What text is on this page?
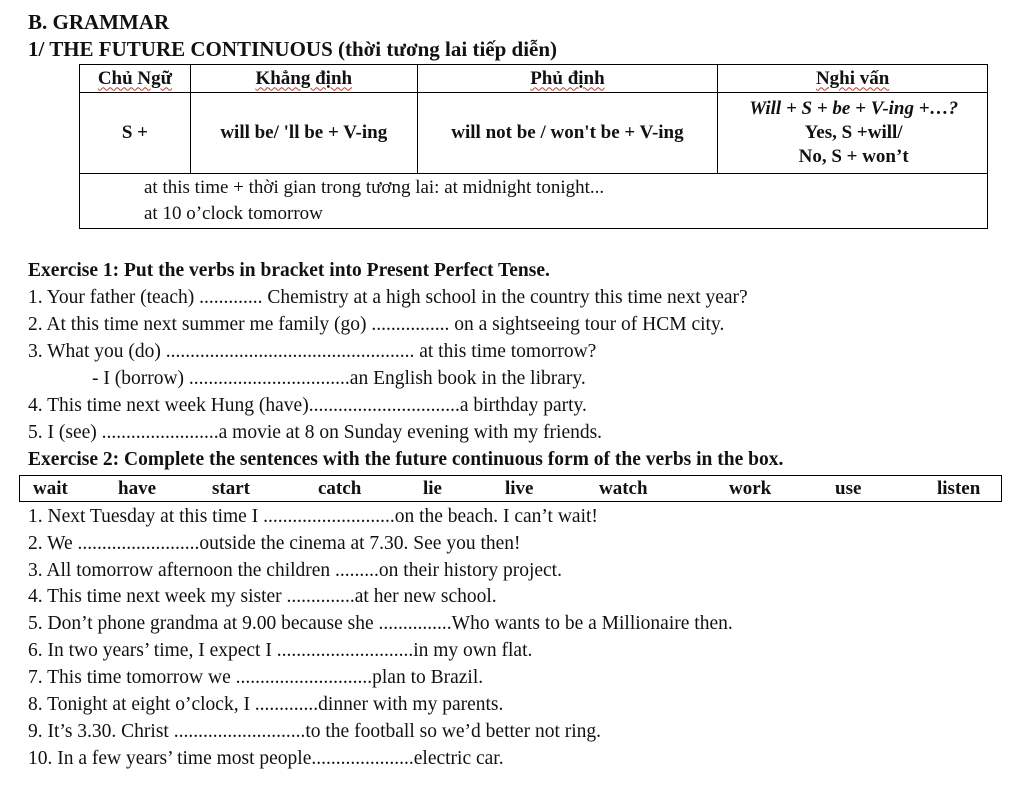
B. GRAMMAR
1/ THE FUTURE CONTINUOUS (thời tương lai tiếp diễn)
Chủ Ngữ	Khẳng định	Phủ định	Nghi vấn
S +	will be/ 'll be + V-ing	will not be / won't be + V-ing	Will + S + be + V-ing +…?
Yes, S +will/
No, S + won’t

at this time + thời gian trong tương lai: at midnight tonight...
at 10 o’clock tomorrow			
Exercise 1: Put the verbs in bracket into Present Perfect Tense.
1. Your father (teach) ............. Chemistry at a high school in the country this time next year?
2. At this time next summer me family (go) ................ on a sightseeing tour of HCM city.
3. What you (do) ................................................... at this time tomorrow?
- I (borrow) .................................an English book in the library.
4. This time next week Hung (have)...............................a birthday party.
5. I (see) ........................a movie at 8 on Sunday evening with my friends.
Exercise 2: Complete the sentences with the future continuous form of the verbs in the box.
wait	have	start	catch	lie	live	watch	work	use	listen
1. Next Tuesday at this time I ...........................on the beach. I can’t wait!
2. We .........................outside the cinema at 7.30. See you then!
3. All tomorrow afternoon the children .........on their history project.
4. This time next week my sister ..............at her new school.
5. Don’t phone grandma at 9.00 because she ...............Who wants to be a Millionaire then.
6. In two years’ time, I expect I ............................in my own flat.
7. This time tomorrow we ............................plan to Brazil.
8. Tonight at eight o’clock, I .............dinner with my parents.
9. It’s 3.30. Christ ...........................to the football so we’d better not ring.
10. In a few years’ time most people.....................electric car.
